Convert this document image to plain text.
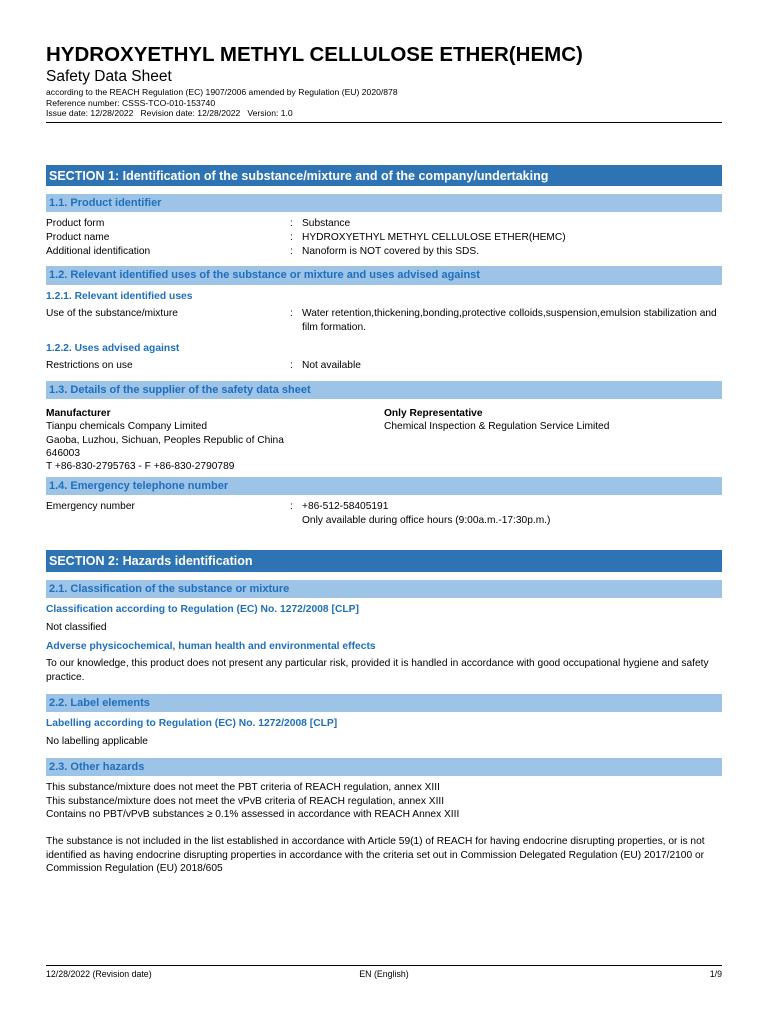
HYDROXYETHYL METHYL CELLULOSE ETHER(HEMC)
Safety Data Sheet
according to the REACH Regulation (EC) 1907/2006 amended by Regulation (EU) 2020/878
Reference number: CSSS-TCO-010-153740
Issue date: 12/28/2022 Revision date: 12/28/2022 Version: 1.0
SECTION 1: Identification of the substance/mixture and of the company/undertaking
1.1. Product identifier
Product form	: Substance
Product name	: HYDROXYETHYL METHYL CELLULOSE ETHER(HEMC)
Additional identification	: Nanoform is NOT covered by this SDS.
1.2. Relevant identified uses of the substance or mixture and uses advised against
1.2.1. Relevant identified uses
Use of the substance/mixture	: Water retention,thickening,bonding,protective colloids,suspension,emulsion stabilization and
film formation.
1.2.2. Uses advised against
Restrictions on use	: Not available
1.3. Details of the supplier of the safety data sheet
Manufacturer
Tianpu chemicals Company Limited
Gaoba, Luzhou, Sichuan, Peoples Republic of China
646003
T +86-830-2795763 - F +86-830-2790789
Only Representative
Chemical Inspection & Regulation Service Limited
1.4. Emergency telephone number
Emergency number	: +86-512-58405191
Only available during office hours (9:00a.m.-17:30p.m.)
SECTION 2: Hazards identification
2.1. Classification of the substance or mixture
Classification according to Regulation (EC) No. 1272/2008 [CLP]
Not classified
Adverse physicochemical, human health and environmental effects
To our knowledge, this product does not present any particular risk, provided it is handled in accordance with good occupational hygiene and safety
practice.
2.2. Label elements
Labelling according to Regulation (EC) No. 1272/2008 [CLP]
No labelling applicable
2.3. Other hazards
This substance/mixture does not meet the PBT criteria of REACH regulation, annex XIII
This substance/mixture does not meet the vPvB criteria of REACH regulation, annex XIII
Contains no PBT/vPvB substances ≥ 0.1% assessed in accordance with REACH Annex XIII
The substance is not included in the list established in accordance with Article 59(1) of REACH for having endocrine disrupting properties, or is not
identified as having endocrine disrupting properties in accordance with the criteria set out in Commission Delegated Regulation (EU) 2017/2100 or
Commission Regulation (EU) 2018/605
12/28/2022 (Revision date)	EN (English)	1/9
